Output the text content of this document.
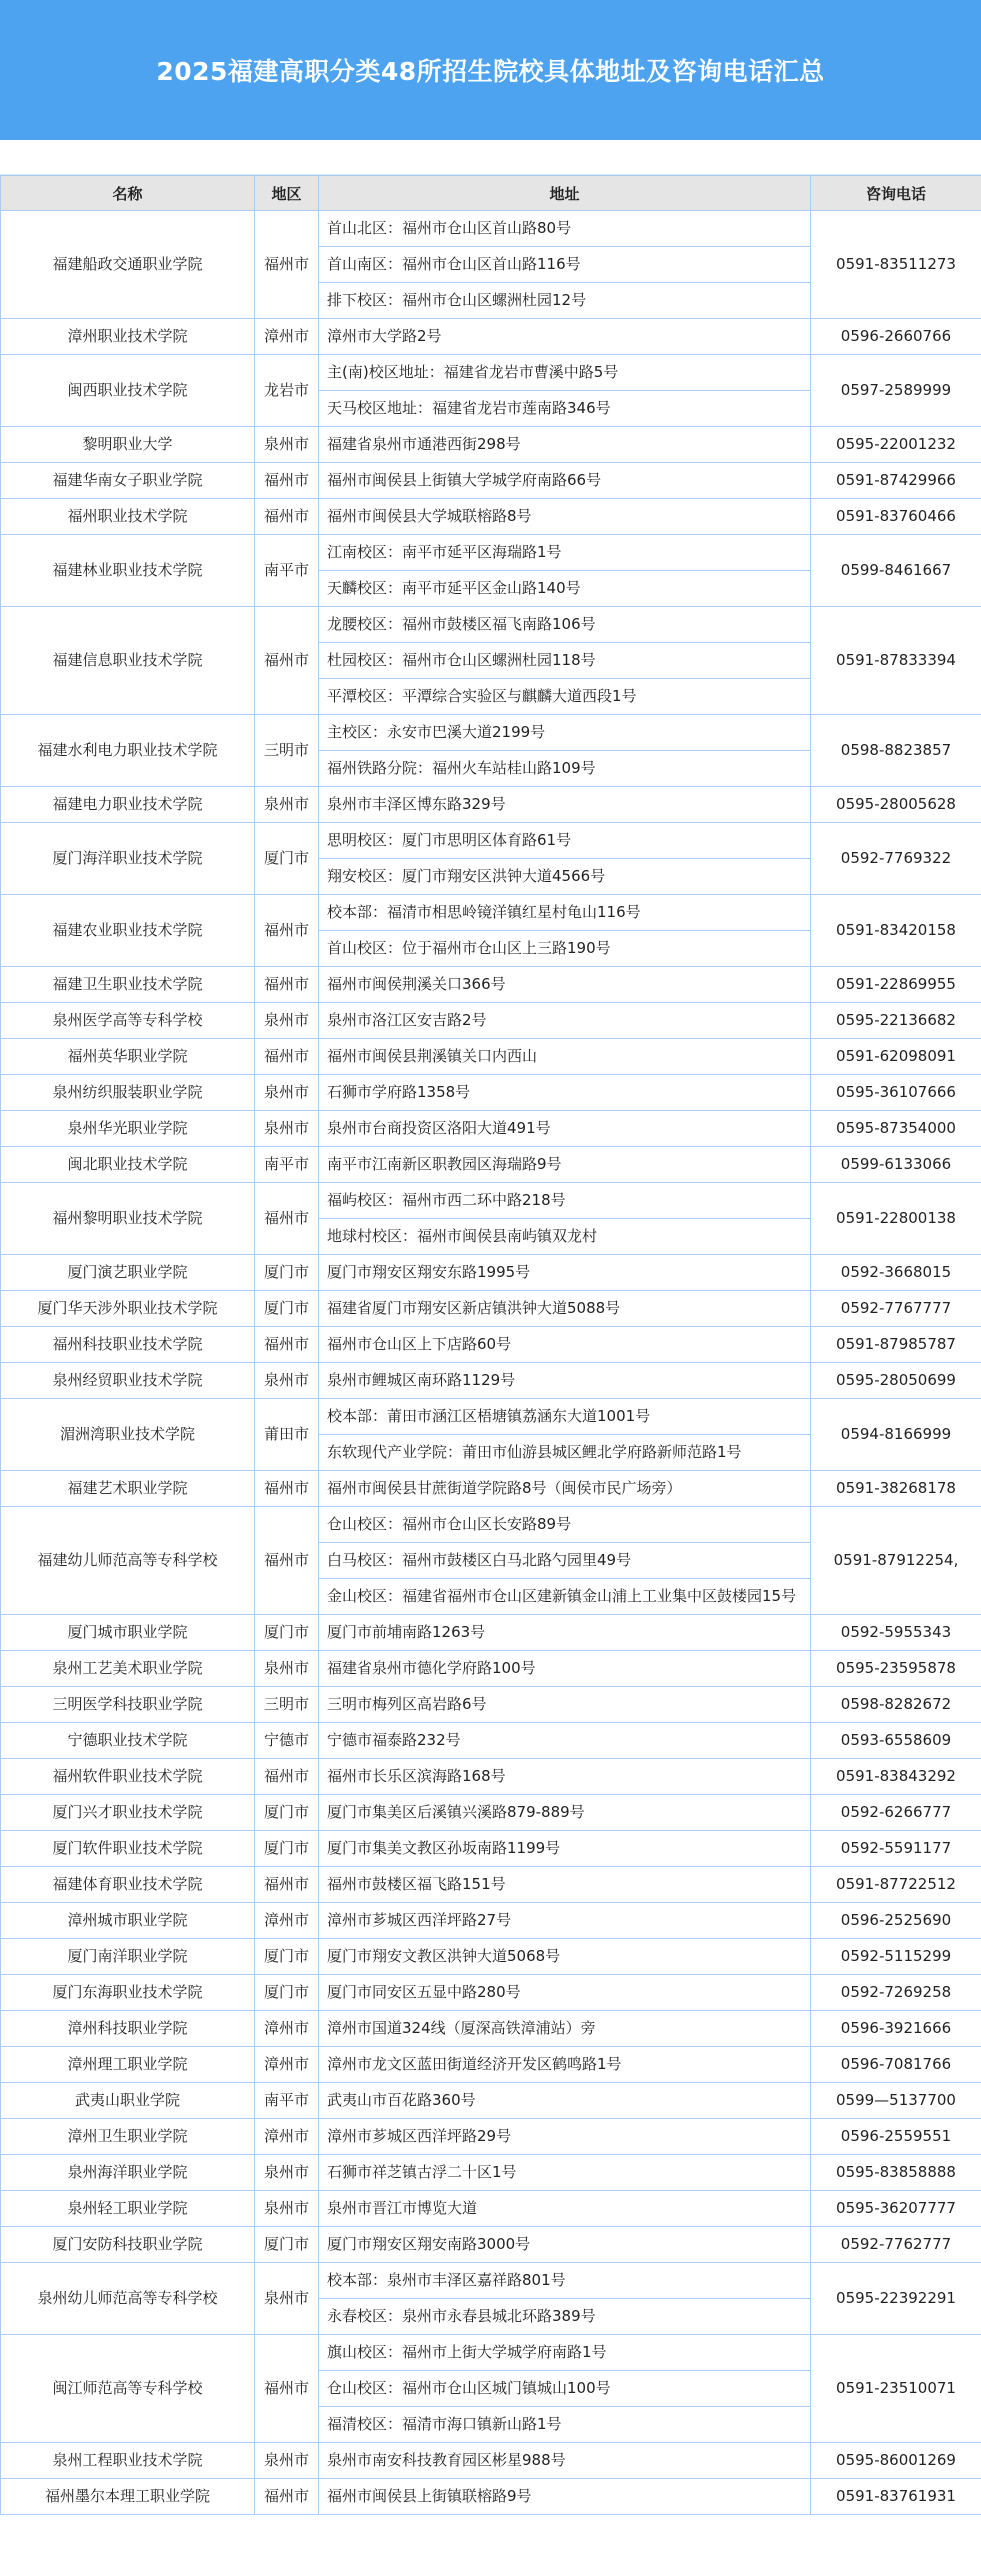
2025福建高职分类48所招生院校具体地址及咨询电话汇总
名称	地区	地址	咨询电话
福建船政交通职业学院	福州市	首山北区：福州市仓山区首山路80号	0591-83511273
		首山南区：福州市仓山区首山路116号	
		排下校区：福州市仓山区螺洲杜园12号	
漳州职业技术学院	漳州市	漳州市大学路2号	0596-2660766
闽西职业技术学院	龙岩市	主(南)校区地址：福建省龙岩市曹溪中路5号	0597-2589999
		天马校区地址：福建省龙岩市莲南路346号	
黎明职业大学	泉州市	福建省泉州市通港西街298号	0595-22001232
福建华南女子职业学院	福州市	福州市闽侯县上街镇大学城学府南路66号	0591-87429966
福州职业技术学院	福州市	福州市闽侯县大学城联榕路8号	0591-83760466
福建林业职业技术学院	南平市	江南校区：南平市延平区海瑞路1号	0599-8461667
		天麟校区：南平市延平区金山路140号	
福建信息职业技术学院	福州市	龙腰校区：福州市鼓楼区福飞南路106号	0591-87833394
		杜园校区：福州市仓山区螺洲杜园118号	
		平潭校区：平潭综合实验区与麒麟大道西段1号	
福建水利电力职业技术学院	三明市	主校区：永安市巴溪大道2199号	0598-8823857
		福州铁路分院：福州火车站桂山路109号	
福建电力职业技术学院	泉州市	泉州市丰泽区博东路329号	0595-28005628
厦门海洋职业技术学院	厦门市	思明校区：厦门市思明区体育路61号	0592-7769322
		翔安校区：厦门市翔安区洪钟大道4566号	
福建农业职业技术学院	福州市	校本部：福清市相思岭镜洋镇红星村龟山116号	0591-83420158
		首山校区：位于福州市仓山区上三路190号	
福建卫生职业技术学院	福州市	福州市闽侯荆溪关口366号	0591-22869955
泉州医学高等专科学校	泉州市	泉州市洛江区安吉路2号	0595-22136682
福州英华职业学院	福州市	福州市闽侯县荆溪镇关口内西山	0591-62098091
泉州纺织服装职业学院	泉州市	石狮市学府路1358号	0595-36107666
泉州华光职业学院	泉州市	泉州市台商投资区洛阳大道491号	0595-87354000
闽北职业技术学院	南平市	南平市江南新区职教园区海瑞路9号	0599-6133066
福州黎明职业技术学院	福州市	福屿校区：福州市西二环中路218号	0591-22800138
		地球村校区：福州市闽侯县南屿镇双龙村	
厦门演艺职业学院	厦门市	厦门市翔安区翔安东路1995号	0592-3668015
厦门华天涉外职业技术学院	厦门市	福建省厦门市翔安区新店镇洪钟大道5088号	0592-7767777
福州科技职业技术学院	福州市	福州市仓山区上下店路60号	0591-87985787
泉州经贸职业技术学院	泉州市	泉州市鲤城区南环路1129号	0595-28050699
湄洲湾职业技术学院	莆田市	校本部：莆田市涵江区梧塘镇荔涵东大道1001号	0594-8166999
		东软现代产业学院：莆田市仙游县城区鲤北学府路新师范路1号	
福建艺术职业学院	福州市	福州市闽侯县甘蔗街道学院路8号（闽侯市民广场旁）	0591-38268178
福建幼儿师范高等专科学校	福州市	仓山校区：福州市仓山区长安路89号	0591-87912254,
		白马校区：福州市鼓楼区白马北路勺园里49号	
		金山校区：福建省福州市仓山区建新镇金山浦上工业集中区鼓楼园15号	
厦门城市职业学院	厦门市	厦门市前埔南路1263号	0592-5955343
泉州工艺美术职业学院	泉州市	福建省泉州市德化学府路100号	0595-23595878
三明医学科技职业学院	三明市	三明市梅列区高岩路6号	0598-8282672
宁德职业技术学院	宁德市	宁德市福泰路232号	0593-6558609
福州软件职业技术学院	福州市	福州市长乐区滨海路168号	0591-83843292
厦门兴才职业技术学院	厦门市	厦门市集美区后溪镇兴溪路879-889号	0592-6266777
厦门软件职业技术学院	厦门市	厦门市集美文教区孙坂南路1199号	0592-5591177
福建体育职业技术学院	福州市	福州市鼓楼区福飞路151号	0591-87722512
漳州城市职业学院	漳州市	漳州市芗城区西洋坪路27号	0596-2525690
厦门南洋职业学院	厦门市	厦门市翔安文教区洪钟大道5068号	0592-5115299
厦门东海职业技术学院	厦门市	厦门市同安区五显中路280号	0592-7269258
漳州科技职业学院	漳州市	漳州市国道324线（厦深高铁漳浦站）旁	0596-3921666
漳州理工职业学院	漳州市	漳州市龙文区蓝田街道经济开发区鹤鸣路1号	0596-7081766
武夷山职业学院	南平市	武夷山市百花路360号	0599—5137700
漳州卫生职业学院	漳州市	漳州市芗城区西洋坪路29号	0596-2559551
泉州海洋职业学院	泉州市	石狮市祥芝镇古浮二十区1号	0595-83858888
泉州轻工职业学院	泉州市	泉州市晋江市博览大道	0595-36207777
厦门安防科技职业学院	厦门市	厦门市翔安区翔安南路3000号	0592-7762777
泉州幼儿师范高等专科学校	泉州市	校本部：泉州市丰泽区嘉祥路801号	0595-22392291
		永春校区：泉州市永春县城北环路389号	
闽江师范高等专科学校	福州市	旗山校区：福州市上街大学城学府南路1号	0591-23510071
		仓山校区：福州市仓山区城门镇城山100号	
		福清校区：福清市海口镇新山路1号	
泉州工程职业技术学院	泉州市	泉州市南安科技教育园区彬星988号	0595-86001269
福州墨尔本理工职业学院	福州市	福州市闽侯县上街镇联榕路9号	0591-83761931
